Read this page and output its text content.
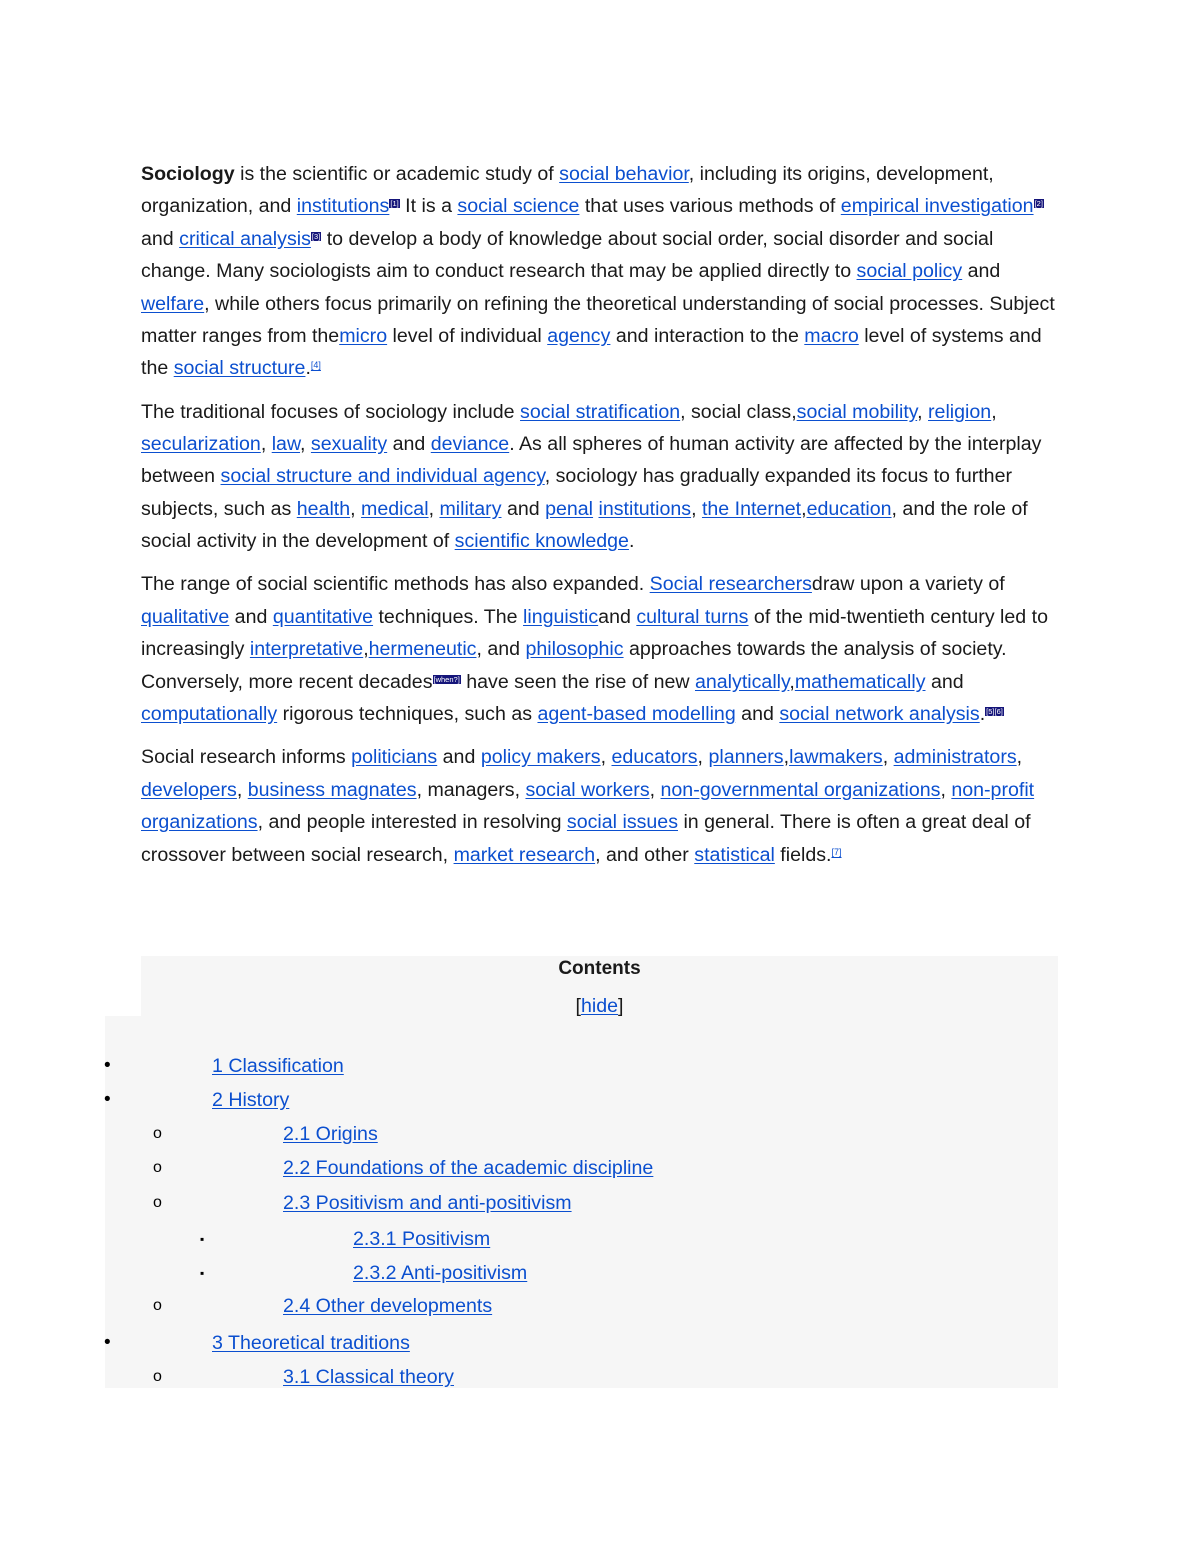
Sociology is the scientific or academic study of social behavior, including its origins, development, organization, and institutions[1] It is a social science that uses various methods of empirical investigation[2] and critical analysis[3] to develop a body of knowledge about social order, social disorder and social change. Many sociologists aim to conduct research that may be applied directly to social policy and welfare, while others focus primarily on refining the theoretical understanding of social processes. Subject matter ranges from themicro level of individual agency and interaction to the macro level of systems and the social structure.[4]

The traditional focuses of sociology include social stratification, social class,social mobility, religion, secularization, law, sexuality and deviance. As all spheres of human activity are affected by the interplay between social structure and individual agency, sociology has gradually expanded its focus to further subjects, such as health, medical, military and penal institutions, the Internet,education, and the role of social activity in the development of scientific knowledge.

The range of social scientific methods has also expanded. Social researchersdraw upon a variety of qualitative and quantitative techniques. The linguisticand cultural turns of the mid-twentieth century led to increasingly interpretative,hermeneutic, and philosophic approaches towards the analysis of society. Conversely, more recent decades[when?] have seen the rise of new analytically,mathematically and computationally rigorous techniques, such as agent-based modelling and social network analysis.[5][6]

Social research informs politicians and policy makers, educators, planners,lawmakers, administrators, developers, business magnates, managers, social workers, non-governmental organizations, non-profit organizations, and people interested in resolving social issues in general. There is often a great deal of crossover between social research, market research, and other statistical fields.[7]

Contents
[hide]
•	1 Classification
•	2 History
o	2.1 Origins
o	2.2 Foundations of the academic discipline
o	2.3 Positivism and anti-positivism
▪	2.3.1 Positivism
▪	2.3.2 Anti-positivism
o	2.4 Other developments
•	3 Theoretical traditions
o	3.1 Classical theory
